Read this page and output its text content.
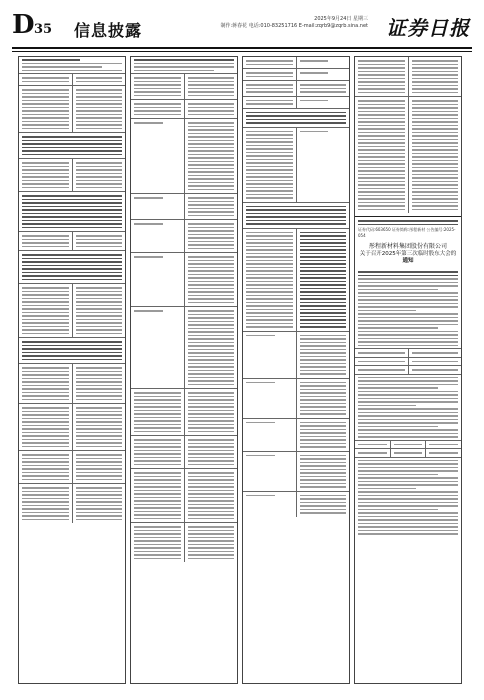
D 35 信息披露
2025年9月24日 星期三
制作:蒋春花 电话:010-83251716 E-mail:zqrb9@zqrb.sina.net 证券日报
证券代码:603650 证券简称:彤程新材 公告编号:2025-054
彤程新材料集团股份有限公司
关于召开2025年第三次临时股东大会的
通知
